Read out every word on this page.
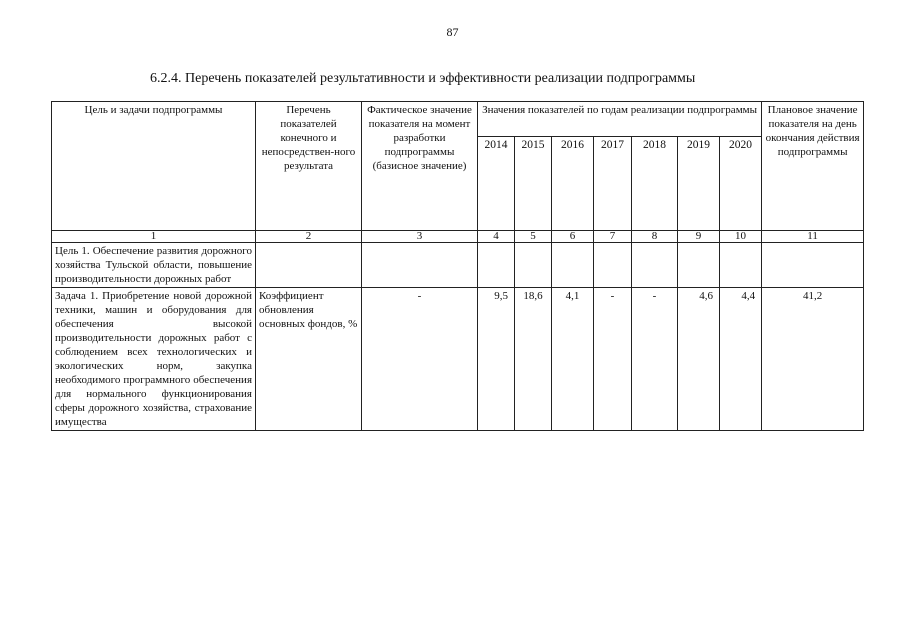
87
6.2.4. Перечень показателей результативности и эффективности реализации подпрограммы
Цель и задачи подпрограммы	Перечень показателей конечного и непосредствен-ного результата	Фактическое значение показателя на момент разработки подпрограммы (базисное значение)	Значения показателей по годам реализации подпрограммы							Плановое значение показателя на день окончания действия подпрограммы
			2014	2015	2016	2017	2018	2019	2020	
1	2	3	4	5	6	7	8	9	10	11
Цель 1. Обеспечение развития дорожного хозяйства Тульской области, повышение производительности дорожных работ										
Задача 1. Приобретение новой дорожной техники, машин и оборудования для обеспечения высокой производительности дорожных работ с соблюдением всех технологических и экологических норм, закупка необходимого программного обеспечения для нормального функционирования сферы дорожного хозяйства, страхование имущества	Коэффициент обновления основных фондов, %	-	9,5	18,6	4,1	-	-	4,6	4,4	41,2
